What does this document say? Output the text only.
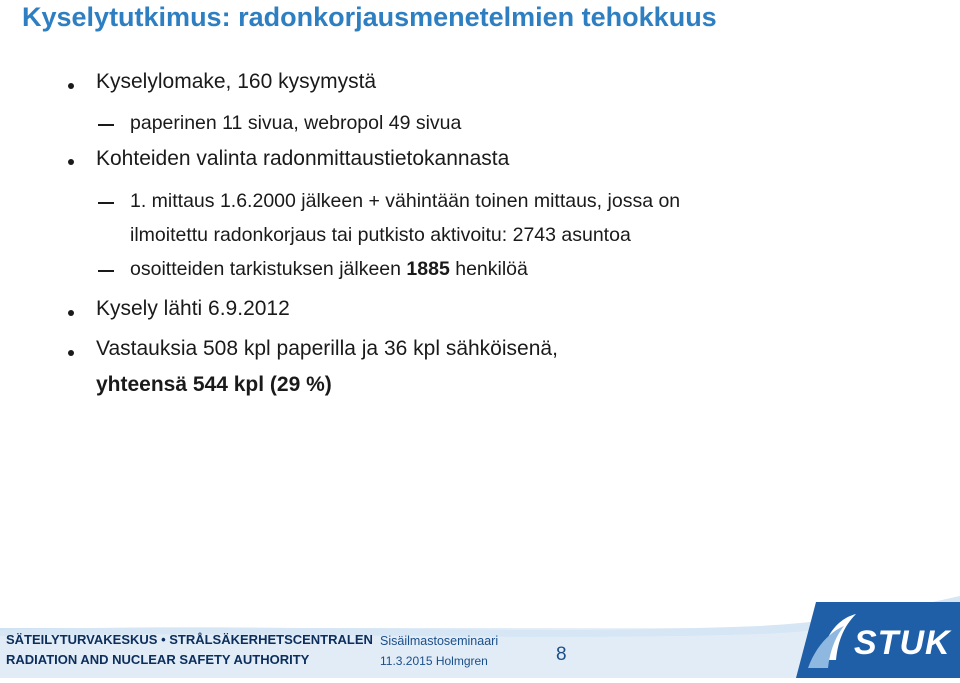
Kyselytutkimus: radonkorjausmenetelmien tehokkuus
Kyselylomake, 160 kysymystä
paperinen 11 sivua, webropol 49 sivua
Kohteiden valinta radonmittaustietokannasta
1. mittaus 1.6.2000 jälkeen + vähintään toinen mittaus, jossa on
ilmoitettu radonkorjaus tai putkisto aktivoitu: 2743 asuntoa
osoitteiden tarkistuksen jälkeen 1885 henkilöä
Kysely lähti 6.9.2012
Vastauksia 508 kpl paperilla ja 36 kpl sähköisenä,
yhteensä 544 kpl (29 %)
SÄTEILYTURVAKESKUS • STRÅLSÄKERHETSCENTRALEN
RADIATION AND NUCLEAR SAFETY AUTHORITY
Sisäilmastoseminaari
11.3.2015 Holmgren	8	STUK
